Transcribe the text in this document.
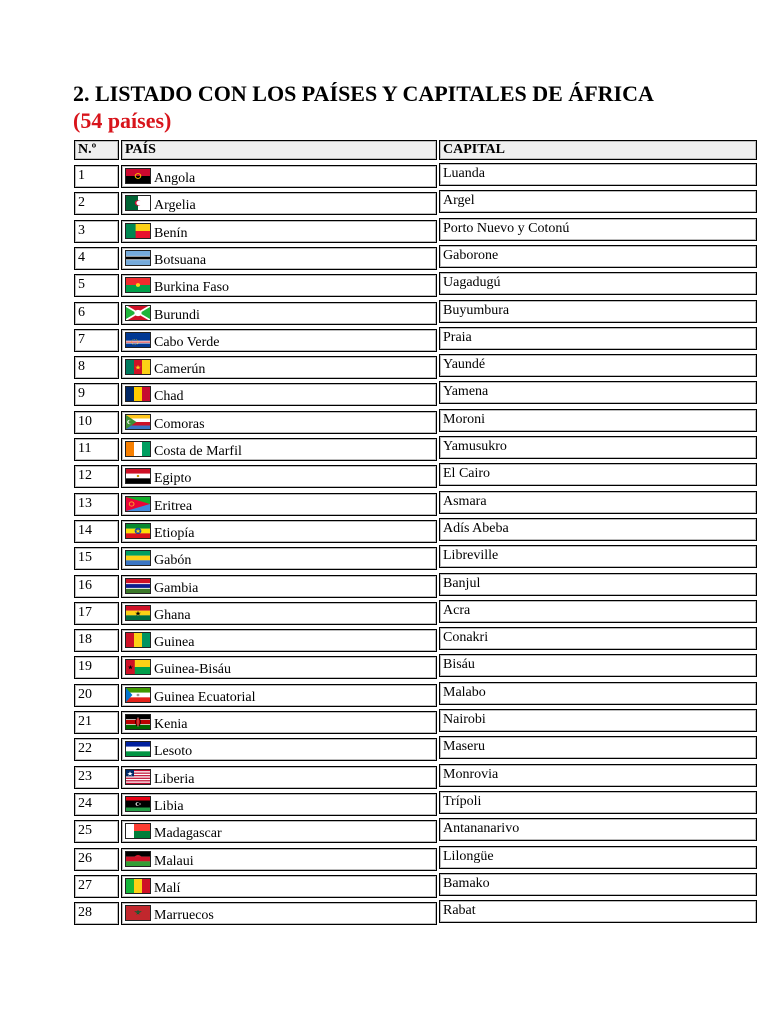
2. LISTADO CON LOS PAÍSES Y CAPITALES DE ÁFRICA
(54 países)
N.º	PAÍS	CAPITAL
1	Angola	Luanda
2	Argelia	Argel
3	Benín	Porto Nuevo y Cotonú
4	Botsuana	Gaborone
5	Burkina Faso	Uagadugú
6	Burundi	Buyumbura
7	Cabo Verde	Praia
8	Camerún	Yaundé
9	Chad	Yamena
10	Comoras	Moroni
11	Costa de Marfil	Yamusukro
12	Egipto	El Cairo
13	Eritrea	Asmara
14	Etiopía	Adís Abeba
15	Gabón	Libreville
16	Gambia	Banjul
17	Ghana	Acra
18	Guinea	Conakri
19	Guinea-Bisáu	Bisáu
20	Guinea Ecuatorial	Malabo
21	Kenia	Nairobi
22	Lesoto	Maseru
23	Liberia	Monrovia
24	Libia	Trípoli
25	Madagascar	Antananarivo
26	Malaui	Lilongüe
27	Malí	Bamako
28	Marruecos	Rabat
